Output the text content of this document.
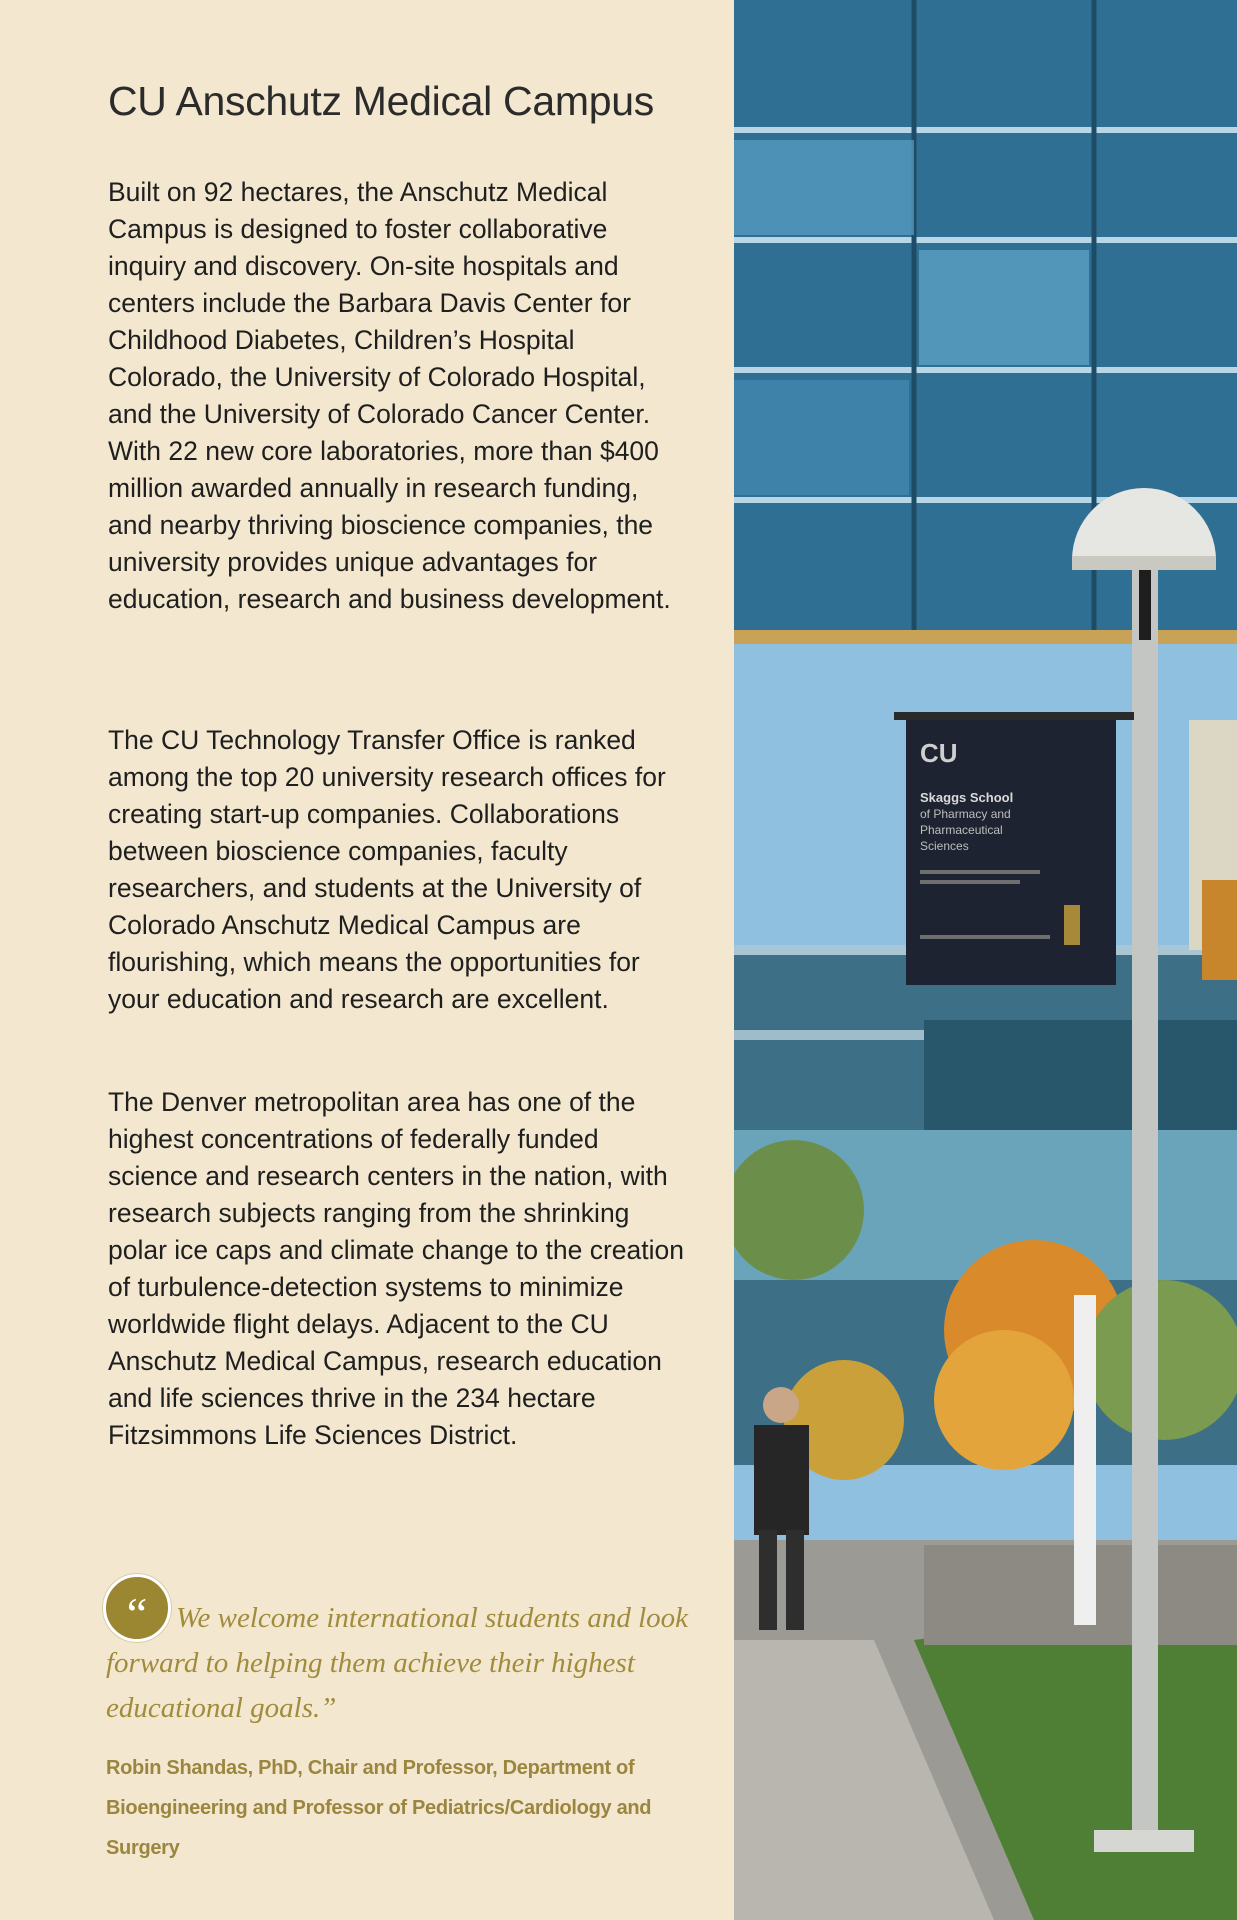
CU Anschutz Medical Campus

Built on 92 hectares, the Anschutz Medical Campus is designed to foster collaborative inquiry and discovery. On-site hospitals and centers include the Barbara Davis Center for Childhood Diabetes, Children’s Hospital Colorado, the University of Colorado Hospital, and the University of Colorado Cancer Center. With 22 new core laboratories, more than $400 million awarded annually in research funding, and nearby thriving bioscience companies, the university provides unique advantages for education, research and business development.

The CU Technology Transfer Office is ranked among the top 20 university research offices for creating start-up companies. Collaborations between bioscience companies, faculty researchers, and students at the University of Colorado Anschutz Medical Campus are flourishing, which means the opportunities for your education and research are excellent.

The Denver metropolitan area has one of the highest concentrations of federally funded science and research centers in the nation, with research subjects ranging from the shrinking polar ice caps and climate change to the creation of turbulence-detection systems to minimize worldwide flight delays. Adjacent to the CU Anschutz Medical Campus, research education and life sciences thrive in the 234 hectare Fitzsimmons Life Sciences District.

“ We welcome international students and look forward to helping them achieve their highest educational goals.”

Robin Shandas, PhD, Chair and Professor, Department of Bioengineering and Professor of Pediatrics/Cardiology and Surgery

CU
Skaggs School
of Pharmacy and
Pharmaceutical
Sciences
